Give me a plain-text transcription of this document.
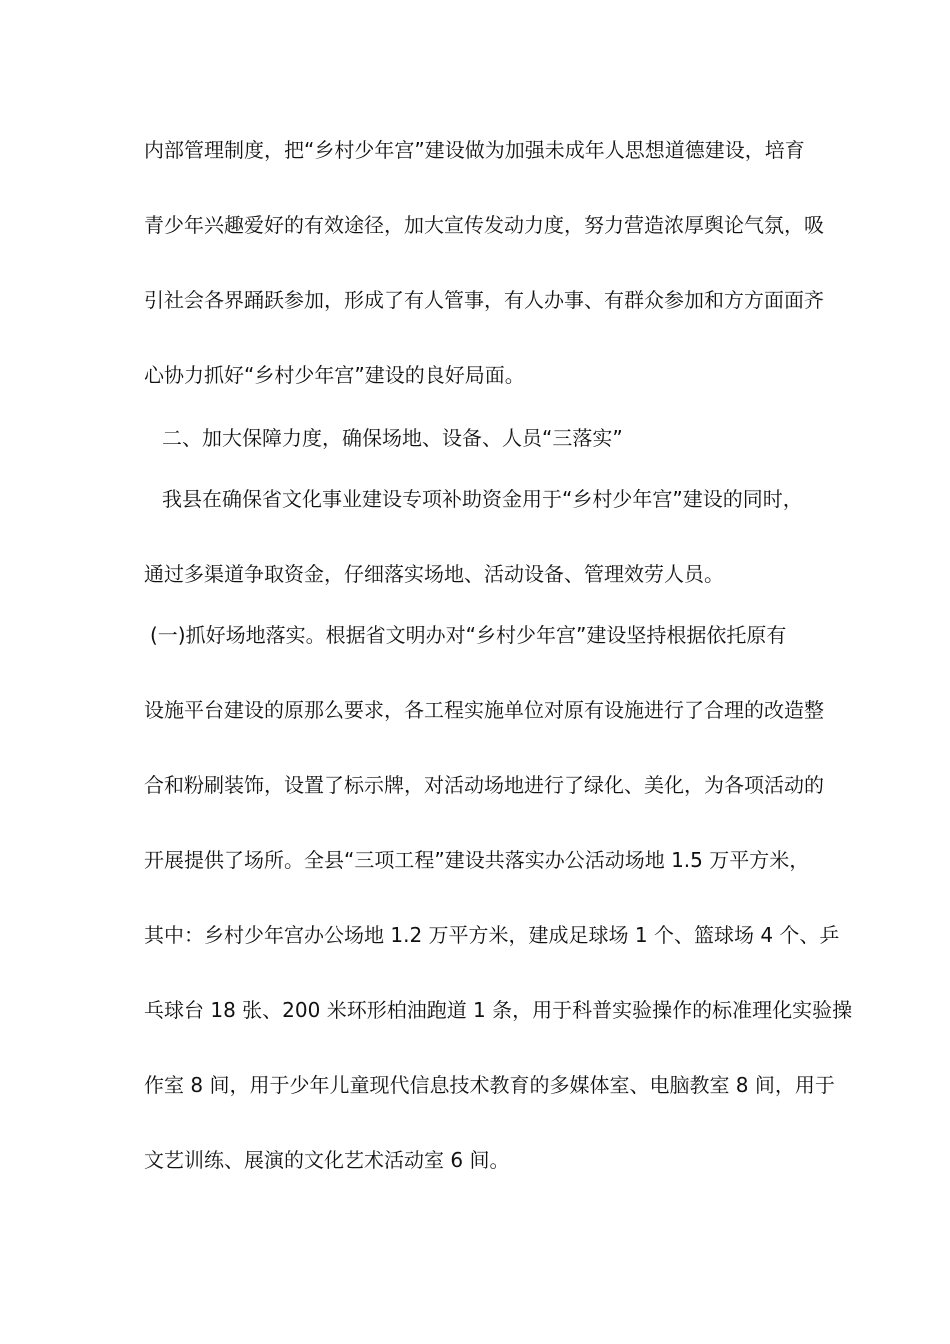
内部管理制度，把“乡村少年宫”建设做为加强未成年人思想道德建设，培育
青少年兴趣爱好的有效途径，加大宣传发动力度，努力营造浓厚舆论气氛，吸
引社会各界踊跃参加，形成了有人管事，有人办事、有群众参加和方方面面齐
心协力抓好“乡村少年宫”建设的良好局面。
二、加大保障力度，确保场地、设备、人员“三落实”
我县在确保省文化事业建设专项补助资金用于“乡村少年宫”建设的同时，
通过多渠道争取资金，仔细落实场地、活动设备、管理效劳人员。
(一)抓好场地落实。根据省文明办对“乡村少年宫”建设坚持根据依托原有
设施平台建设的原那么要求，各工程实施单位对原有设施进行了合理的改造整
合和粉刷装饰，设置了标示牌，对活动场地进行了绿化、美化，为各项活动的
开展提供了场所。全县“三项工程”建设共落实办公活动场地 1.5 万平方米，
其中：乡村少年宫办公场地 1.2 万平方米，建成足球场 1 个、篮球场 4 个、乒
乓球台 18 张、200 米环形柏油跑道 1 条，用于科普实验操作的标准理化实验操
作室 8 间，用于少年儿童现代信息技术教育的多媒体室、电脑教室 8 间，用于
文艺训练、展演的文化艺术活动室 6 间。
